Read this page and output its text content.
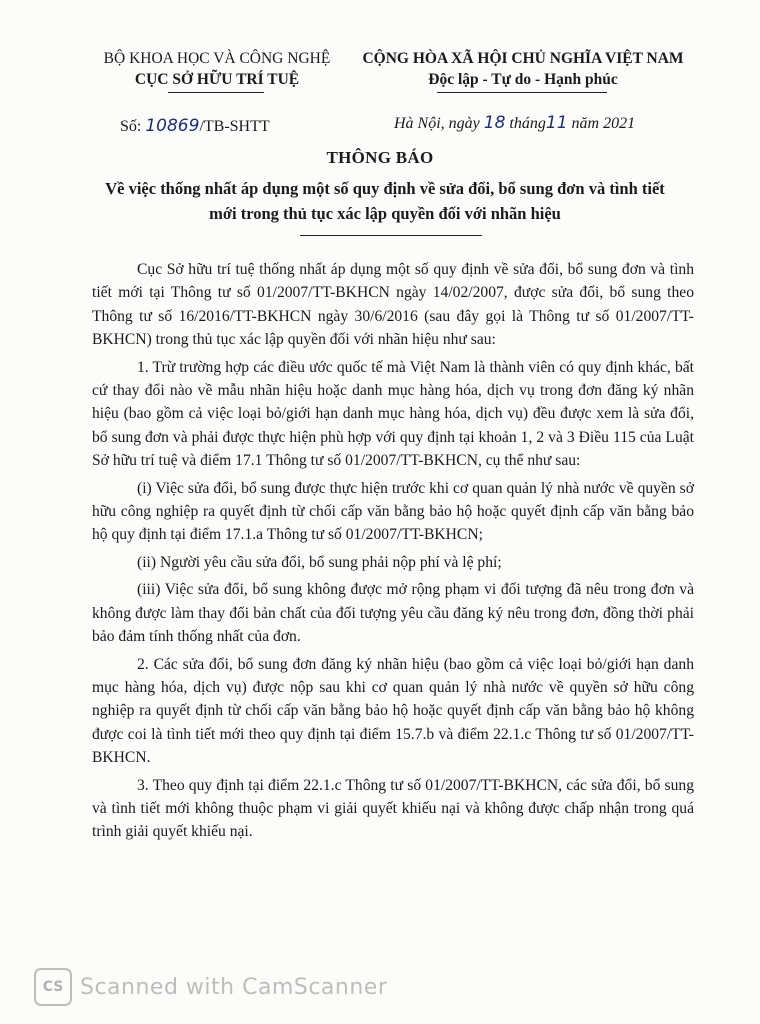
BỘ KHOA HỌC VÀ CÔNG NGHỆ
CỤC SỞ HỮU TRÍ TUỆ
CỘNG HÒA XÃ HỘI CHỦ NGHĨA VIỆT NAM
Độc lập - Tự do - Hạnh phúc
Số: 10869/TB-SHTT	Hà Nội, ngày 18 tháng11 năm 2021
THÔNG BÁO
Về việc thống nhất áp dụng một số quy định về sửa đổi, bổ sung đơn và tình tiết mới trong thủ tục xác lập quyền đối với nhãn hiệu

Cục Sở hữu trí tuệ thống nhất áp dụng một số quy định về sửa đổi, bổ sung đơn và tình tiết mới tại Thông tư số 01/2007/TT-BKHCN ngày 14/02/2007, được sửa đổi, bổ sung theo Thông tư số 16/2016/TT-BKHCN ngày 30/6/2016 (sau đây gọi là Thông tư số 01/2007/TT-BKHCN) trong thủ tục xác lập quyền đối với nhãn hiệu như sau:

1. Trừ trường hợp các điều ước quốc tế mà Việt Nam là thành viên có quy định khác, bất cứ thay đổi nào về mẫu nhãn hiệu hoặc danh mục hàng hóa, dịch vụ trong đơn đăng ký nhãn hiệu (bao gồm cả việc loại bỏ/giới hạn danh mục hàng hóa, dịch vụ) đều được xem là sửa đổi, bổ sung đơn và phải được thực hiện phù hợp với quy định tại khoản 1, 2 và 3 Điều 115 của Luật Sở hữu trí tuệ và điểm 17.1 Thông tư số 01/2007/TT-BKHCN, cụ thể như sau:

(i) Việc sửa đổi, bổ sung được thực hiện trước khi cơ quan quản lý nhà nước về quyền sở hữu công nghiệp ra quyết định từ chối cấp văn bằng bảo hộ hoặc quyết định cấp văn bằng bảo hộ quy định tại điểm 17.1.a Thông tư số 01/2007/TT-BKHCN;

(ii) Người yêu cầu sửa đổi, bổ sung phải nộp phí và lệ phí;

(iii) Việc sửa đổi, bổ sung không được mở rộng phạm vi đối tượng đã nêu trong đơn và không được làm thay đổi bản chất của đối tượng yêu cầu đăng ký nêu trong đơn, đồng thời phải bảo đảm tính thống nhất của đơn.

2. Các sửa đổi, bổ sung đơn đăng ký nhãn hiệu (bao gồm cả việc loại bỏ/giới hạn danh mục hàng hóa, dịch vụ) được nộp sau khi cơ quan quản lý nhà nước về quyền sở hữu công nghiệp ra quyết định từ chối cấp văn bằng bảo hộ hoặc quyết định cấp văn bằng bảo hộ không được coi là tình tiết mới theo quy định tại điểm 15.7.b và điểm 22.1.c Thông tư số 01/2007/TT-BKHCN.

3. Theo quy định tại điểm 22.1.c Thông tư số 01/2007/TT-BKHCN, các sửa đổi, bổ sung và tình tiết mới không thuộc phạm vi giải quyết khiếu nại và không được chấp nhận trong quá trình giải quyết khiếu nại.

CS Scanned with CamScanner
